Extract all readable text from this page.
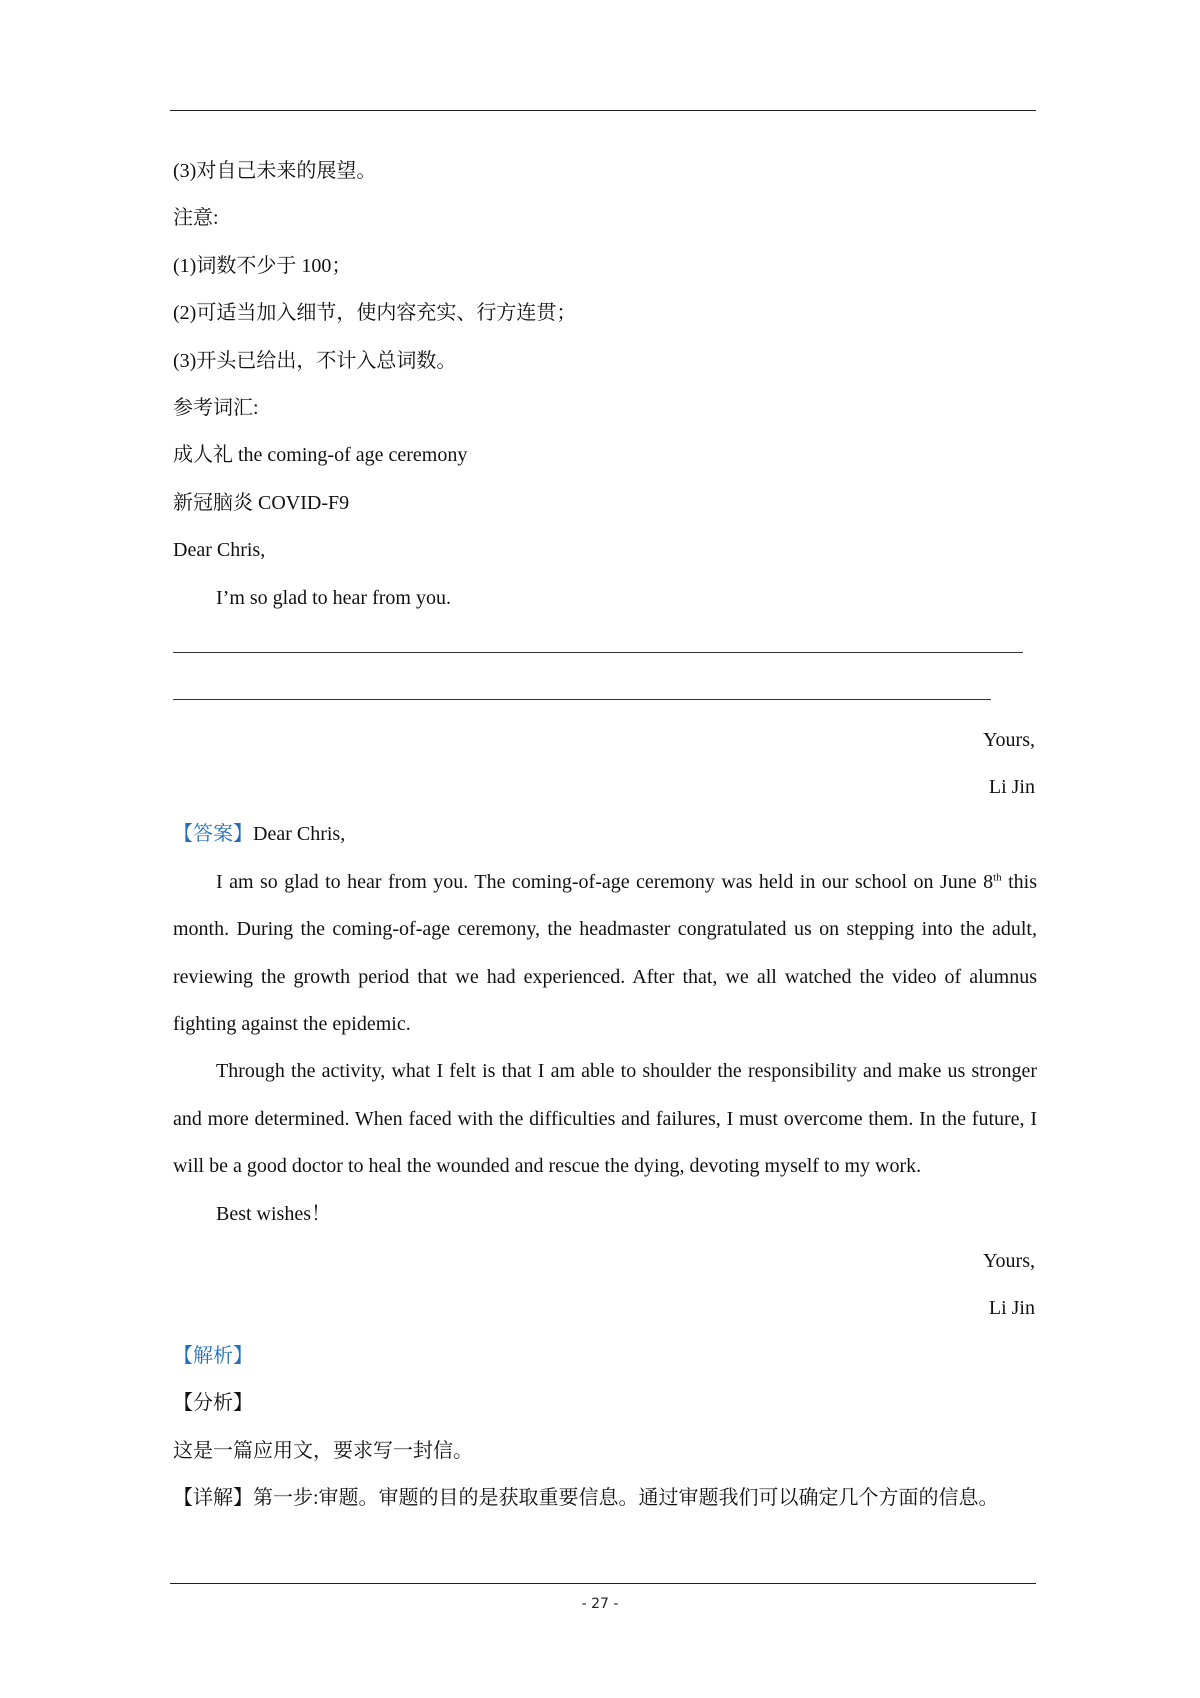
(3)对自己未来的展望。
注意:
(1)词数不少于 100；
(2)可适当加入细节，使内容充实、行方连贯；
(3)开头已给出，不计入总词数。
参考词汇:
成人礼 the coming-of age ceremony
新冠脑炎 COVID-F9
Dear Chris,
I’m so glad to hear from you.
Yours,
Li Jin
【答案】Dear Chris,

I am so glad to hear from you. The coming-of-age ceremony was held in our school on June 8th this month. During the coming-of-age ceremony, the headmaster congratulated us on stepping into the adult, reviewing the growth period that we had experienced. After that, we all watched the video of alumnus fighting against the epidemic.

Through the activity, what I felt is that I am able to shoulder the responsibility and make us stronger and more determined. When faced with the difficulties and failures, I must overcome them. In the future, I will be a good doctor to heal the wounded and rescue the dying, devoting myself to my work.

Best wishes！
Yours,
Li Jin
【解析】
【分析】
这是一篇应用文，要求写一封信。
【详解】第一步:审题。审题的目的是获取重要信息。通过审题我们可以确定几个方面的信息。
- 27 -
